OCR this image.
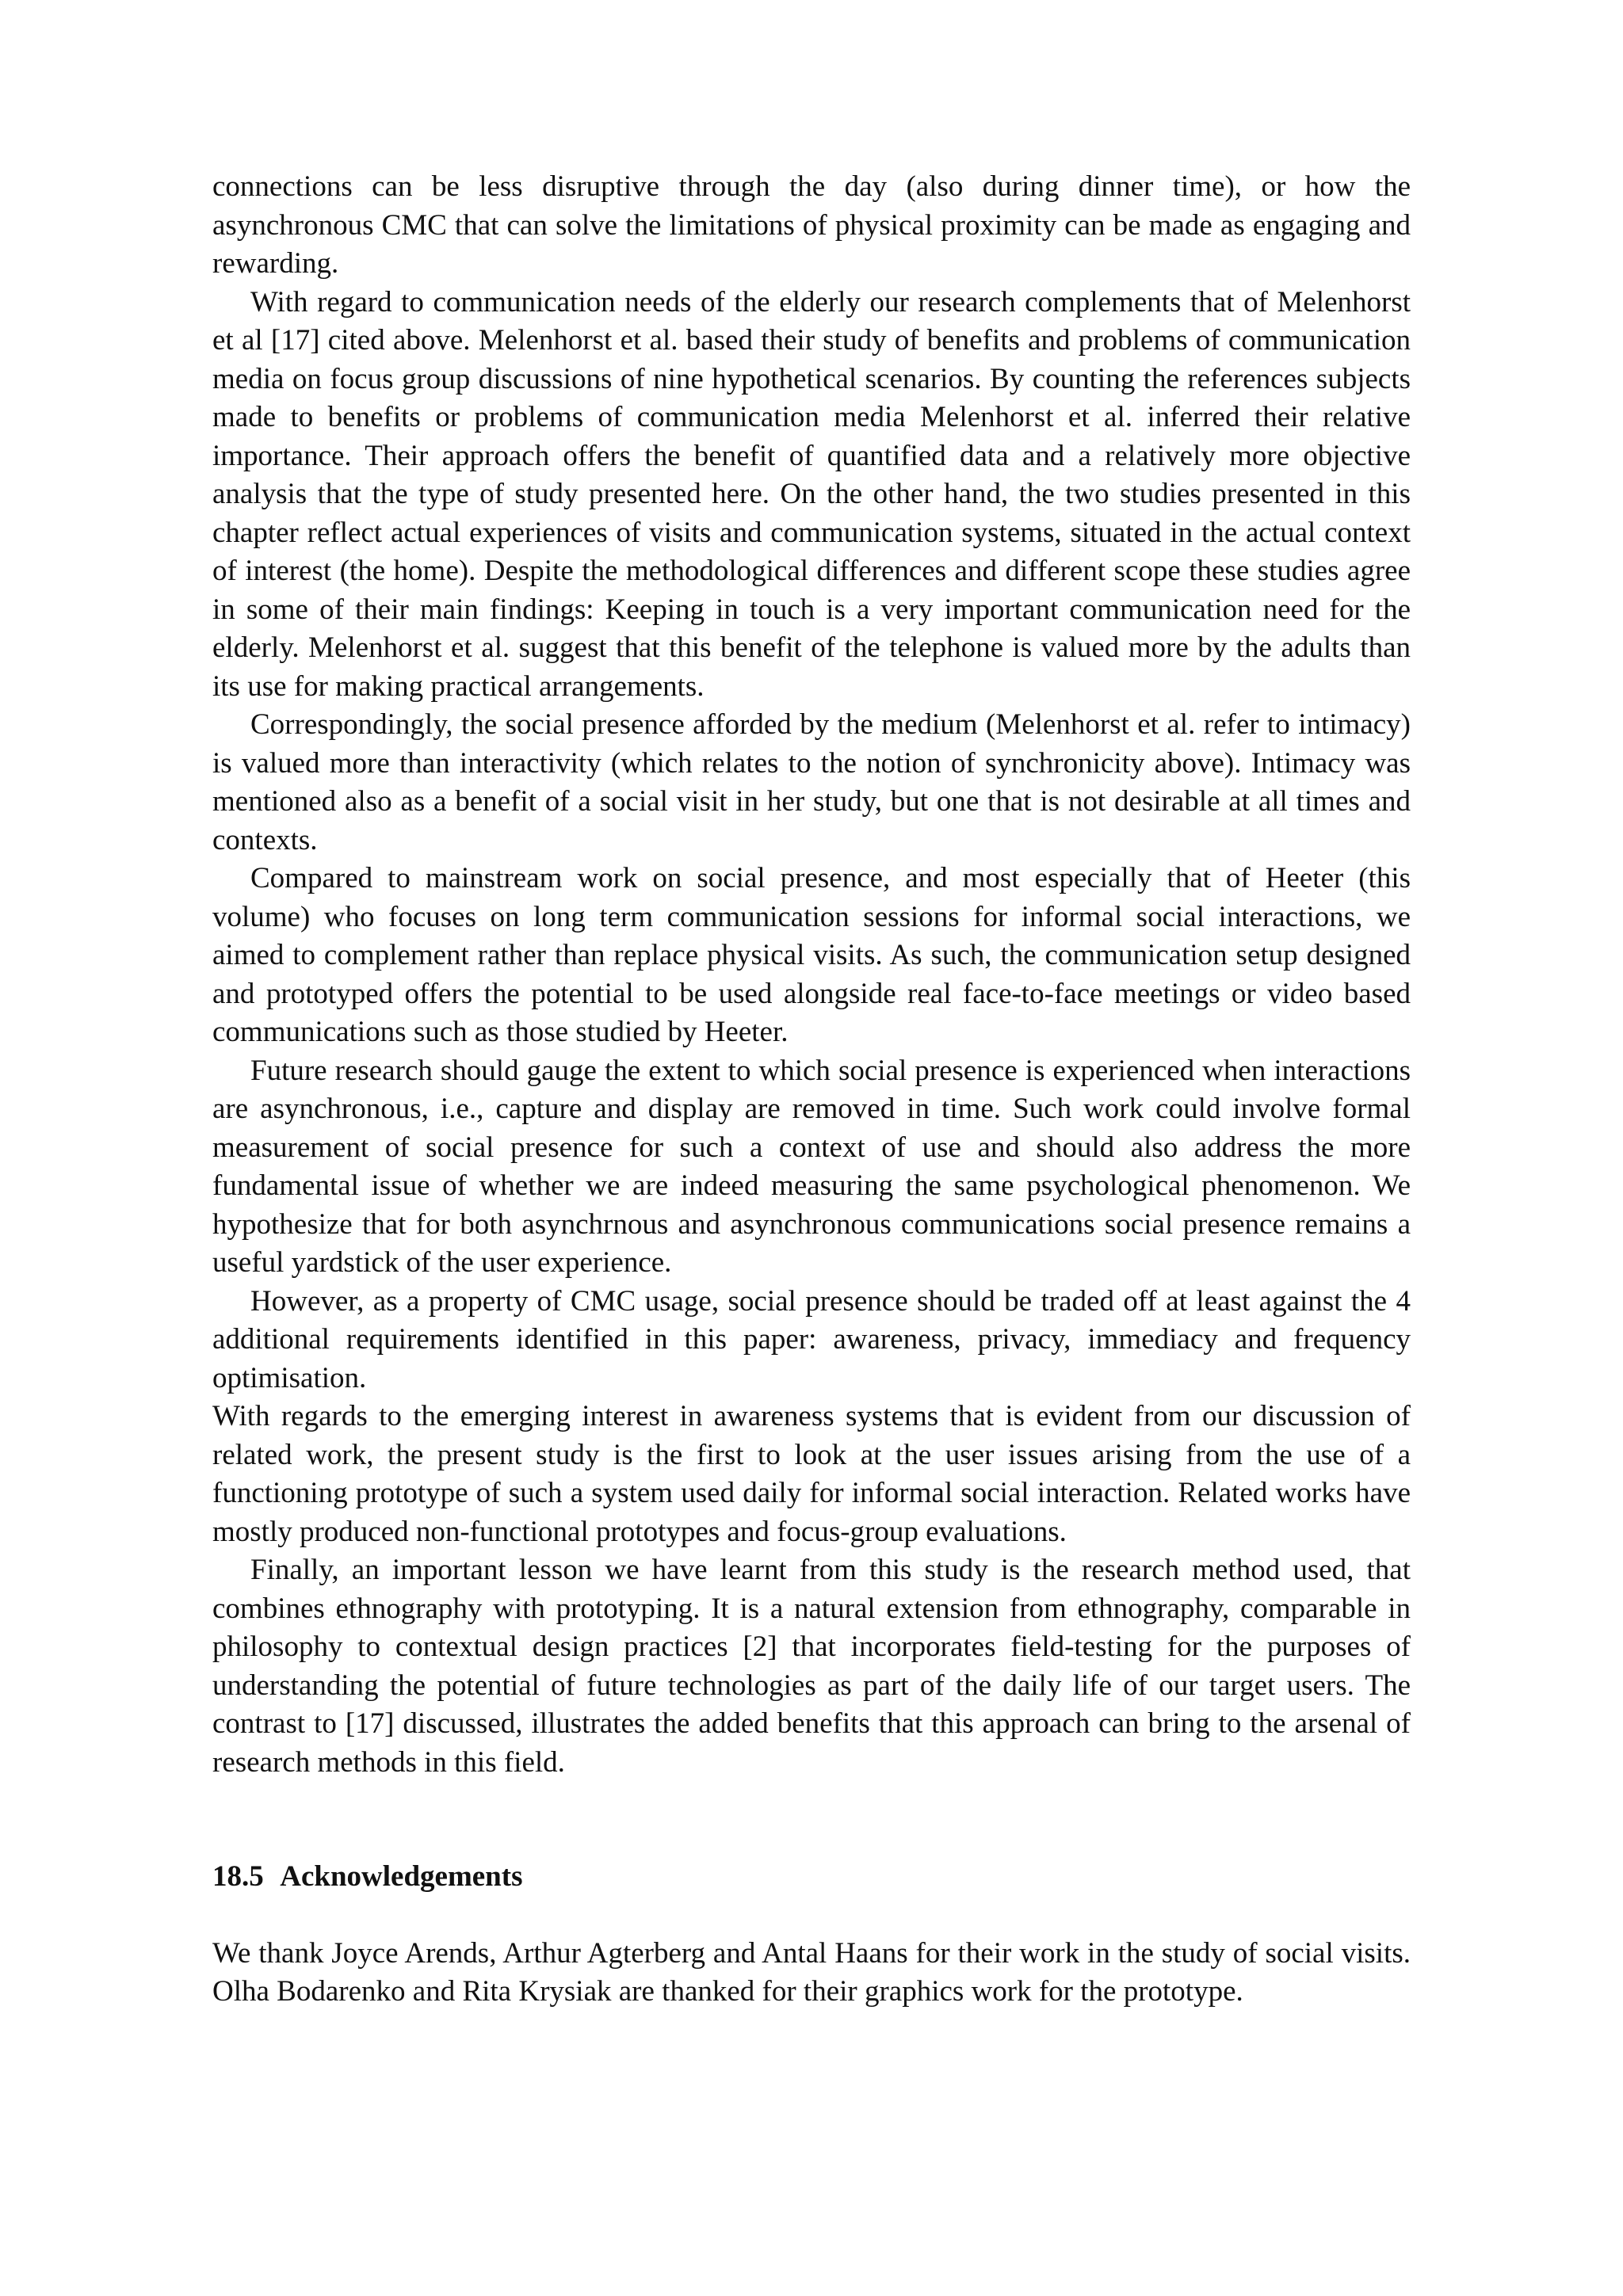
connections can be less disruptive through the day (also during dinner time), or how the asynchronous CMC that can solve the limitations of physical proximity can be made as engaging and rewarding.

With regard to communication needs of the elderly our research complements that of Melenhorst et al [17] cited above. Melenhorst et al. based their study of benefits and problems of communication media on focus group discussions of nine hypothetical scenarios. By counting the references subjects made to benefits or problems of communication media Melenhorst et al. inferred their relative importance. Their approach offers the benefit of quantified data and a relatively more objective analysis that the type of study presented here. On the other hand, the two studies presented in this chapter reflect actual experiences of visits and communication systems, situated in the actual context of interest (the home). Despite the methodological differences and different scope these studies agree in some of their main findings: Keeping in touch is a very important communication need for the elderly. Melenhorst et al. suggest that this benefit of the telephone is valued more by the adults than its use for making practical arrangements.

Correspondingly, the social presence afforded by the medium (Melenhorst et al. refer to intimacy) is valued more than interactivity (which relates to the notion of synchronicity above). Intimacy was mentioned also as a benefit of a social visit in her study, but one that is not desirable at all times and contexts.

Compared to mainstream work on social presence, and most especially that of Heeter (this volume) who focuses on long term communication sessions for informal social interactions, we aimed to complement rather than replace physical visits. As such, the communication setup designed and prototyped offers the potential to be used alongside real face-to-face meetings or video based communications such as those studied by Heeter.

Future research should gauge the extent to which social presence is experienced when interactions are asynchronous, i.e., capture and display are removed in time. Such work could involve formal measurement of social presence for such a context of use and should also address the more fundamental issue of whether we are indeed measuring the same psychological phenomenon. We hypothesize that for both asynchrnous and asynchronous communications social presence remains a useful yardstick of the user experience.

However, as a property of CMC usage, social presence should be traded off at least against the 4 additional requirements identified in this paper: awareness, privacy, immediacy and frequency optimisation.

With regards to the emerging interest in awareness systems that is evident from our discussion of related work, the present study is the first to look at the user issues arising from the use of a functioning prototype of such a system used daily for informal social interaction. Related works have mostly produced non-functional prototypes and focus-group evaluations.

Finally, an important lesson we have learnt from this study is the research method used, that combines ethnography with prototyping. It is a natural extension from ethnography, comparable in philosophy to contextual design practices [2] that incorporates field-testing for the purposes of understanding the potential of future technologies as part of the daily life of our target users. The contrast to [17] discussed, illustrates the added benefits that this approach can bring to the arsenal of research methods in this field.

18.5 Acknowledgements

We thank Joyce Arends, Arthur Agterberg and Antal Haans for their work in the study of social visits. Olha Bodarenko and Rita Krysiak are thanked for their graphics work for the prototype.
